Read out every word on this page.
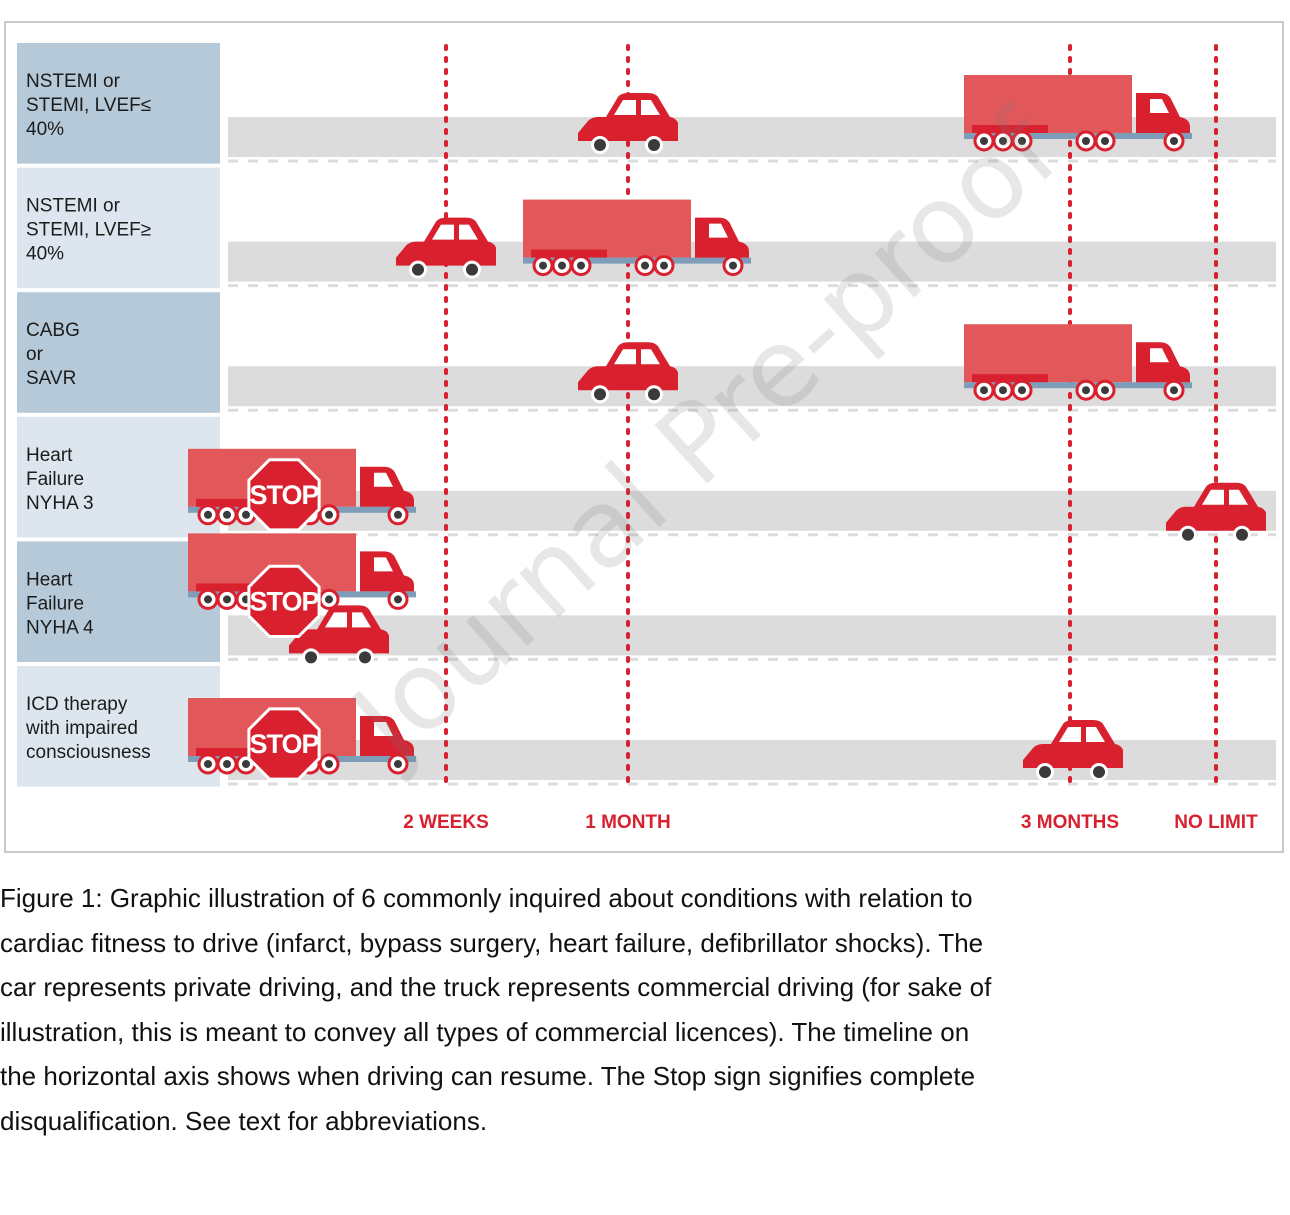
NSTEMI or STEMI, LVEF≤ 40%
NSTEMI or STEMI, LVEF≥ 40%
CABG or SAVR
Heart Failure NYHA 3
Heart Failure NYHA 4
ICD therapy with impaired consciousness
STOP
STOP
STOP
2 WEEKS	1 MONTH	3 MONTHS	NO LIMIT
Figure 1: Graphic illustration of 6 commonly inquired about conditions with relation to
cardiac fitness to drive (infarct, bypass surgery, heart failure, defibrillator shocks). The
car represents private driving, and the truck represents commercial driving (for sake of
illustration, this is meant to convey all types of commercial licences). The timeline on
the horizontal axis shows when driving can resume. The Stop sign signifies complete
disqualification. See text for abbreviations.
